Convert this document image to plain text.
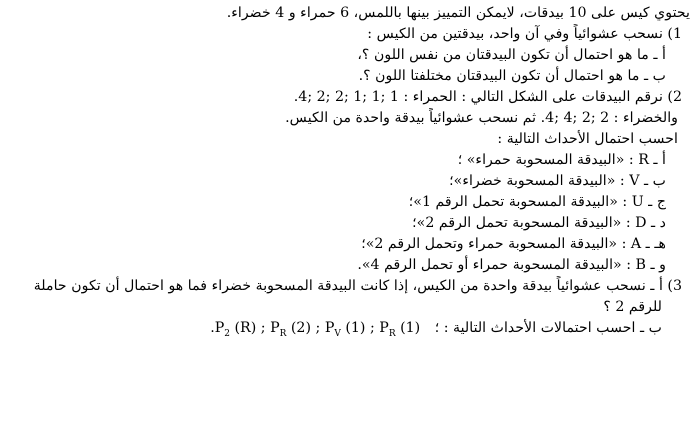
يحتوي كيس على 10 بيدقات، لايمكن التمييز بينها باللمس، 6 حمراء و 4 خضراء.
1) نسحب عشوائياً وفي آن واحد، بيدقتين من الكيس :
أ ـ ما هو احتمال أن تكون البيدقتان من نفس اللون ؟،
ب ـ ما هو احتمال أن تكون البيدقتان مختلفتا اللون ؟.
2) نرقم البيدقات على الشكل التالي : الحمراء : 1 ;1 ;1 ;2 ;2 ;4.
والخضراء : 2 ;2 ;4 ;4. ثم نسحب عشوائياً بيدقة واحدة من الكيس.
احسب احتمال الأحداث التالية :
أ ـ R : «البيدقة المسحوبة حمراء» ؛
ب ـ V : «البيدقة المسحوبة خضراء»؛
ج ـ U : «البيدقة المسحوبة تحمل الرقم 1»؛
د ـ D : «البيدقة المسحوبة تحمل الرقم 2»؛
هـ ـ A : «البيدقة المسحوبة حمراء وتحمل الرقم 2»؛
و ـ B : «البيدقة المسحوبة حمراء أو تحمل الرقم 4».
3) أ ـ نسحب عشوائياً بيدقة واحدة من الكيس، إذا كانت البيدقة المسحوبة خضراء فما هو احتمال أن تكون حاملة
للرقم 2 ؟
ب ـ احسب احتمالات الأحداث التالية : ؛ $.P_2$ (R) ; $P_R$ (2) ; $P_V$ (1) ; $P_R$ (1)
